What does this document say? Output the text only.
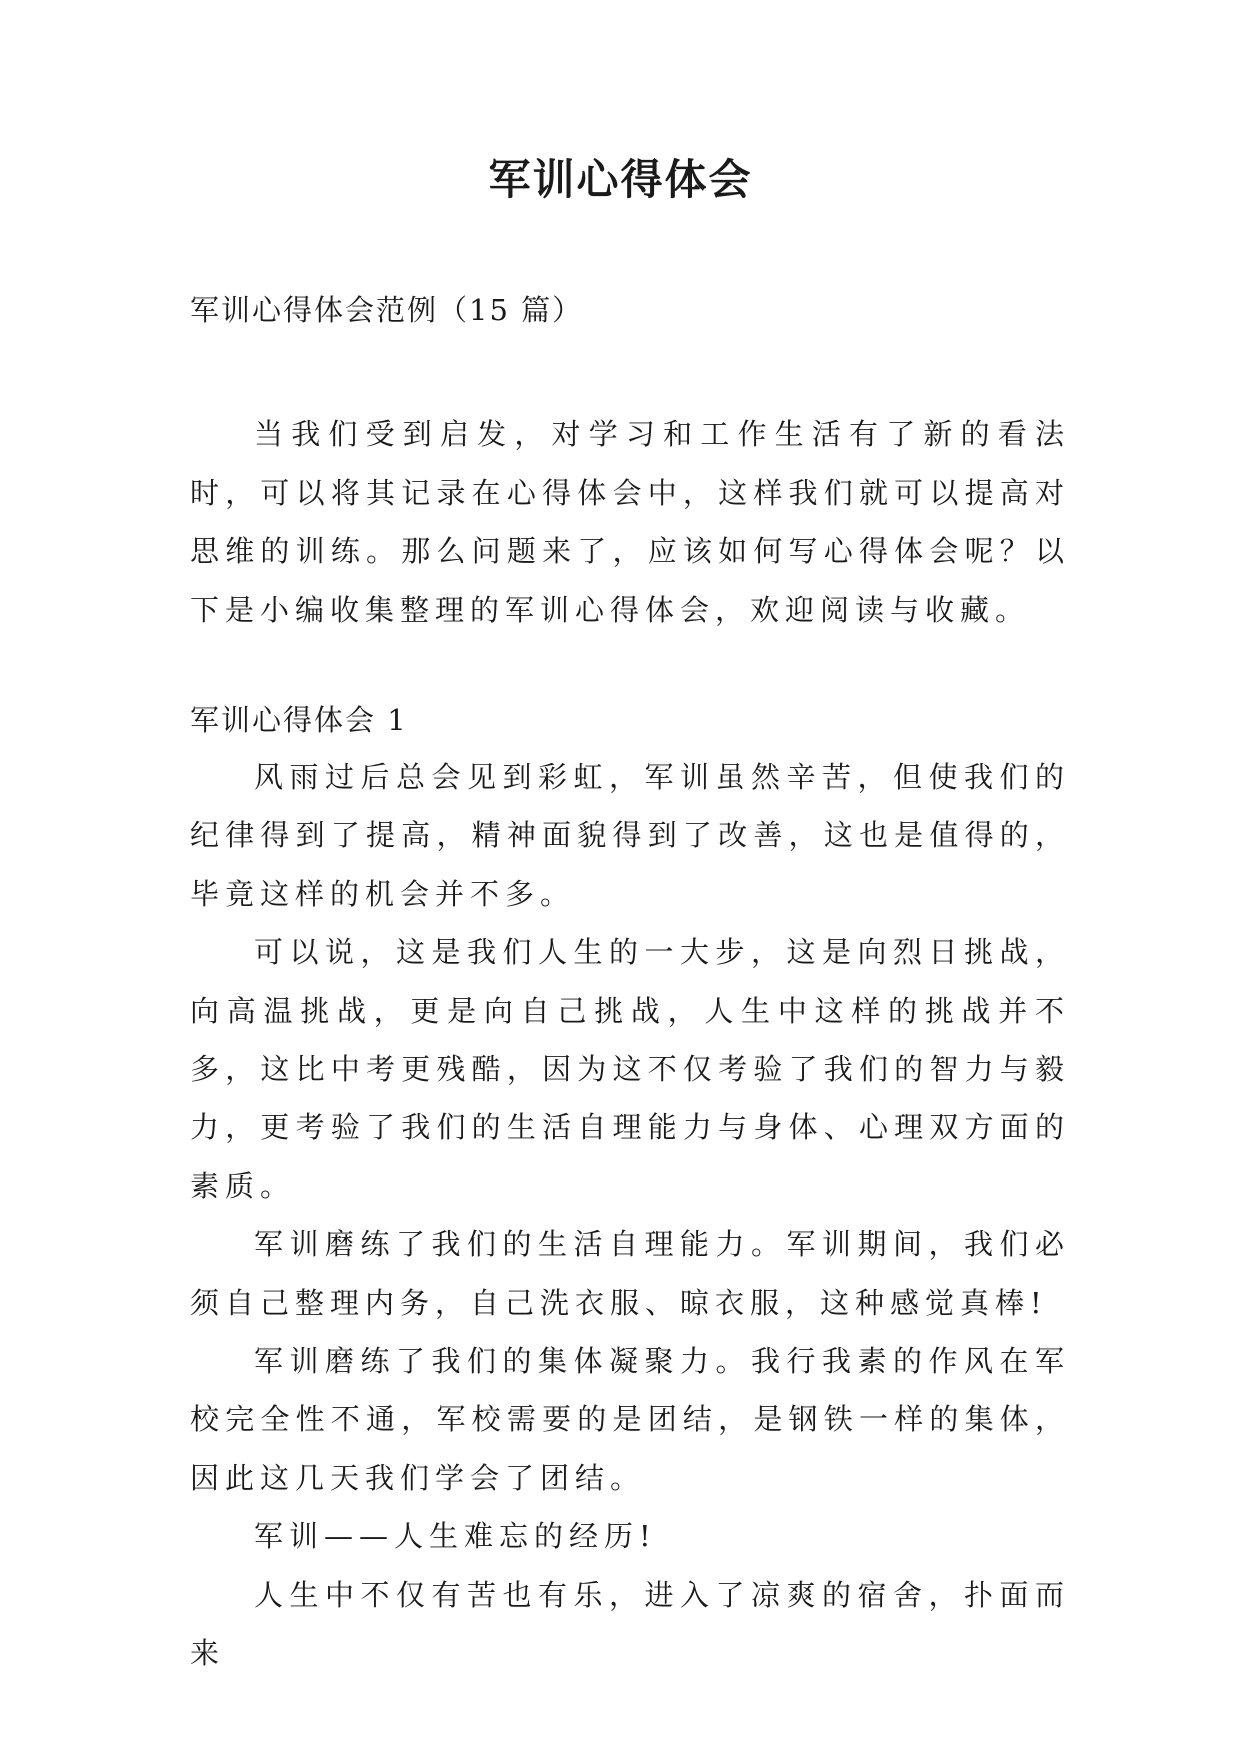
军训心得体会
军训心得体会范例（15 篇）

当我们受到启发，对学习和工作生活有了新的看法时，可以将其记录在心得体会中，这样我们就可以提高对思维的训练。那么问题来了，应该如何写心得体会呢？以下是小编收集整理的军训心得体会，欢迎阅读与收藏。

军训心得体会 1

风雨过后总会见到彩虹，军训虽然辛苦，但使我们的纪律得到了提高，精神面貌得到了改善，这也是值得的，毕竟这样的机会并不多。

可以说，这是我们人生的一大步，这是向烈日挑战，向高温挑战，更是向自己挑战，人生中这样的挑战并不多，这比中考更残酷，因为这不仅考验了我们的智力与毅力，更考验了我们的生活自理能力与身体、心理双方面的素质。

军训磨练了我们的生活自理能力。军训期间，我们必须自己整理内务，自己洗衣服、晾衣服，这种感觉真棒!

军训磨练了我们的集体凝聚力。我行我素的作风在军校完全性不通，军校需要的是团结，是钢铁一样的集体，因此这几天我们学会了团结。

军训——人生难忘的经历!

人生中不仅有苦也有乐，进入了凉爽的宿舍，扑面而来
